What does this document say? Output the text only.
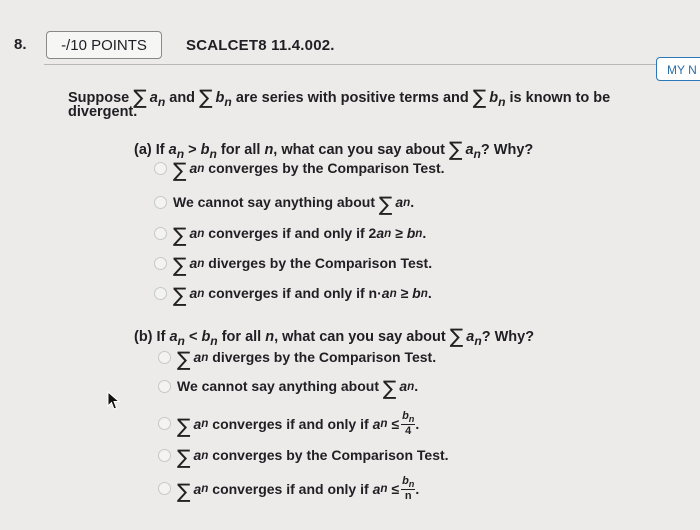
8.	-/10 POINTS	SCALCET8 11.4.002.
MY N
Suppose ∑ $a_n$ and ∑ $b_n$ are series with positive terms and ∑ $b_n$ is known to be
divergent.
(a) If $a_n > b_n$ for all n, what can you say about ∑ $a_n$? Why?
∑ a n
converges by the Comparison Test.
We cannot say anything about
∑ a n .
∑ a n
converges if and only if 2 a n
≥
b n .
∑ a n
diverges by the Comparison Test.
∑ a n
converges if and only if n· a n
≥
b n .
(b) If $a_n < b_n$ for all n, what can you say about ∑ $a_n$? Why?
∑ a n
diverges by the Comparison Test.
We cannot say anything about
∑ a n .
∑ a n
converges if and only if
a n
≤ $\frac{b_n}{4}$ .
∑ a n
converges by the Comparison Test.
∑ a n
converges if and only if
a n
≤ $\frac{b_n}{n}$ .
